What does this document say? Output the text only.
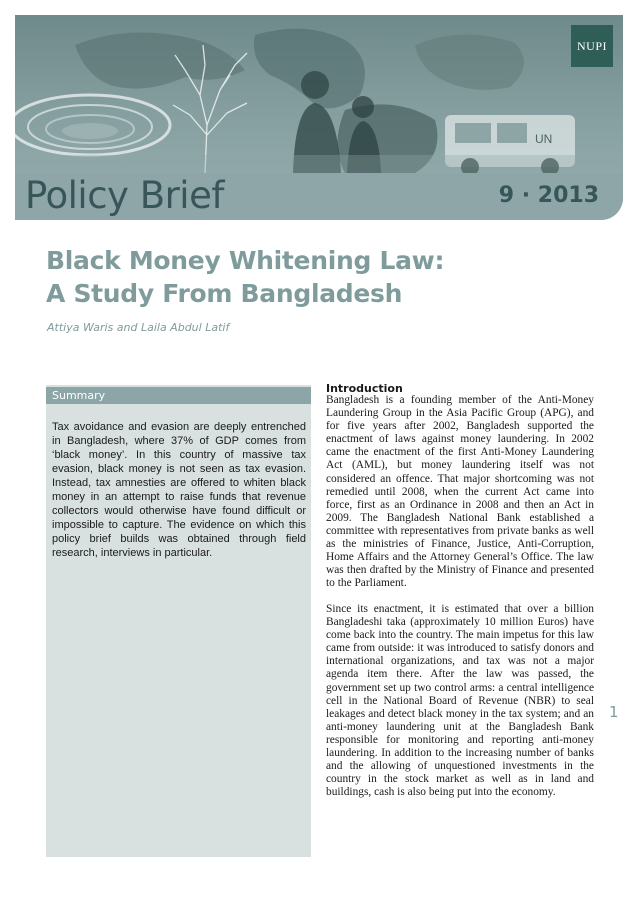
UN
Policy Brief	9 · 2013
NUPI
Black Money Whitening Law:
A Study From Bangladesh
Attiya Waris and Laila Abdul Latif
Summary
Tax avoidance and evasion are deeply entrenched in Bangladesh, where 37% of GDP comes from ‘black money’. In this country of massive tax evasion, black money is not seen as tax evasion. Instead, tax amnesties are offered to whiten black money in an attempt to raise funds that revenue collectors would otherwise have found difficult or impossible to capture. The evidence on which this policy brief builds was obtained through field research, interviews in particular.
Introduction

Bangladesh is a founding member of the Anti-Money Laundering Group in the Asia Pacific Group (APG), and for five years after 2002, Bangladesh supported the enactment of laws against money laundering. In 2002 came the enactment of the first Anti-Money Laundering Act (AML), but money laundering itself was not considered an offence. That major shortcoming was not remedied until 2008, when the current Act came into force, first as an Ordinance in 2008 and then an Act in 2009. The Bangladesh National Bank established a committee with representatives from private banks as well as the ministries of Finance, Justice, Anti-Corruption, Home Affairs and the Attorney General’s Office. The law was then drafted by the Ministry of Finance and presented to the Parliament.

Since its enactment, it is estimated that over a billion Bangladeshi taka (approximately 10 million Euros) have come back into the country. The main impetus for this law came from outside: it was introduced to satisfy donors and international organizations, and tax was not a major agenda item there. After the law was passed, the government set up two control arms: a central intelligence cell in the National Board of Revenue (NBR) to seal leakages and detect black money in the tax system; and an anti-money laundering unit at the Bangladesh Bank responsible for monitoring and reporting anti-money laundering. In addition to the increasing number of banks and the allowing of unquestioned investments in the country in the stock market as well as in land and buildings, cash is also being put into the economy.

1
